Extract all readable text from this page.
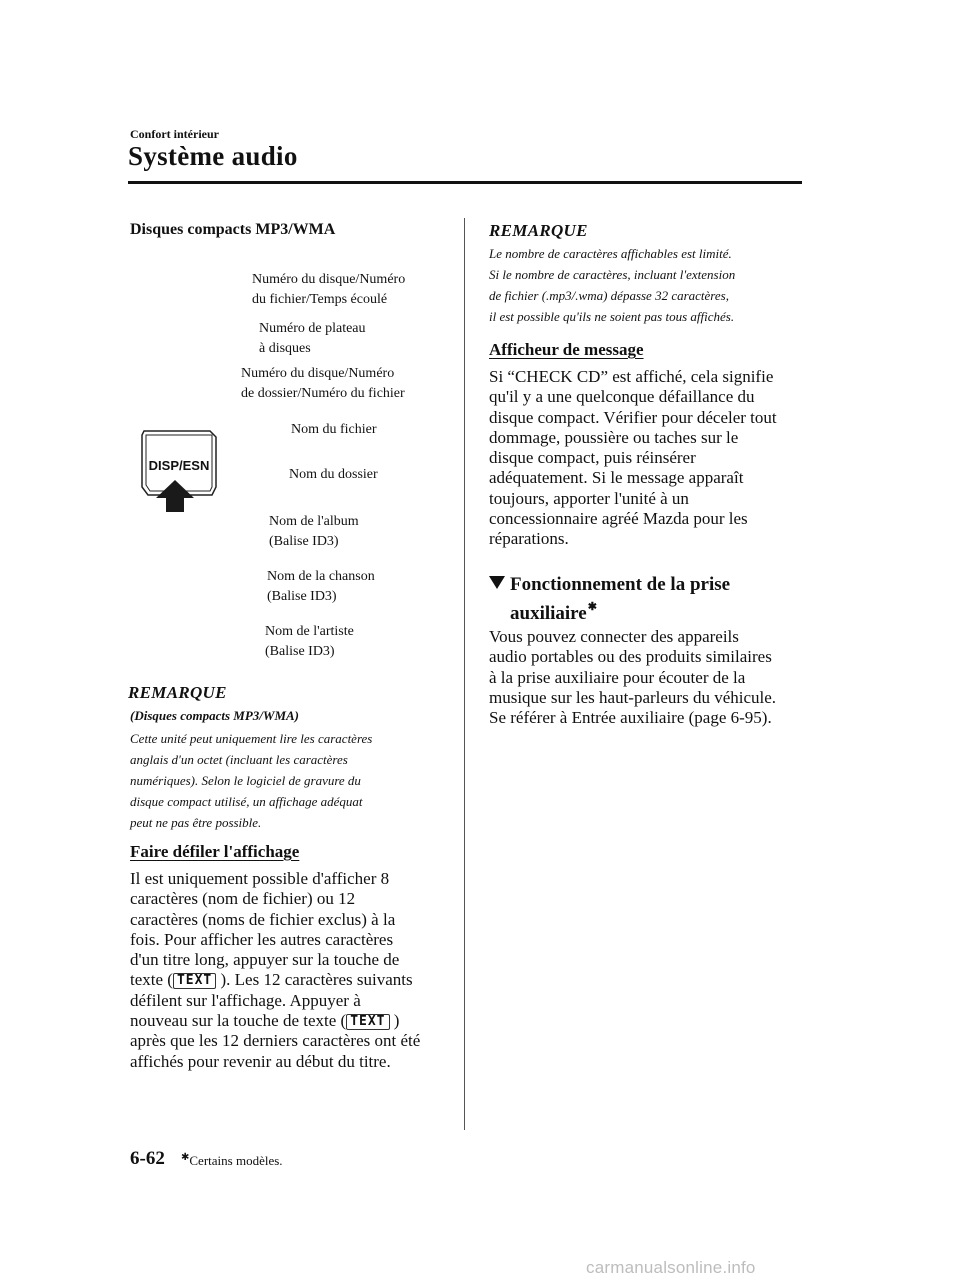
Confort intérieur
Système audio
Disques compacts MP3/WMA
Numéro du disque/Numéro
du fichier/Temps écoulé
Numéro de plateau
à disques
Numéro du disque/Numéro
de dossier/Numéro du fichier
Nom du fichier
Nom du dossier
Nom de l'album
(Balise ID3)
Nom de la chanson
(Balise ID3)
Nom de l'artiste
(Balise ID3)
DISP/ESN
REMARQUE
(Disques compacts MP3/WMA)
Cette unité peut uniquement lire les caractères
anglais d'un octet (incluant les caractères
numériques). Selon le logiciel de gravure du
disque compact utilisé, un affichage adéquat
peut ne pas être possible.
Faire défiler l'affichage
Il est uniquement possible d'afficher 8
caractères (nom de fichier) ou 12
caractères (noms de fichier exclus) à la
fois. Pour afficher les autres caractères
d'un titre long, appuyer sur la touche de
texte ( TEXT ). Les 12 caractères suivants
défilent sur l'affichage. Appuyer à
nouveau sur la touche de texte ( TEXT )
après que les 12 derniers caractères ont été
affichés pour revenir au début du titre.
REMARQUE
Le nombre de caractères affichables est limité.
Si le nombre de caractères, incluant l'extension
de fichier (.mp3/.wma) dépasse 32 caractères,
il est possible qu'ils ne soient pas tous affichés.
Afficheur de message
Si “CHECK CD” est affiché, cela signifie
qu'il y a une quelconque défaillance du
disque compact. Vérifier pour déceler tout
dommage, poussière ou taches sur le
disque compact, puis réinsérer
adéquatement. Si le message apparaît
toujours, apporter l'unité à un
concessionnaire agréé Mazda pour les
réparations.
Fonctionnement de la prise
auxiliaire✱
Vous pouvez connecter des appareils
audio portables ou des produits similaires
à la prise auxiliaire pour écouter de la
musique sur les haut-parleurs du véhicule.
Se référer à Entrée auxiliaire (page 6-95).
6-62 ✱Certains modèles.
carmanualsonline.info
